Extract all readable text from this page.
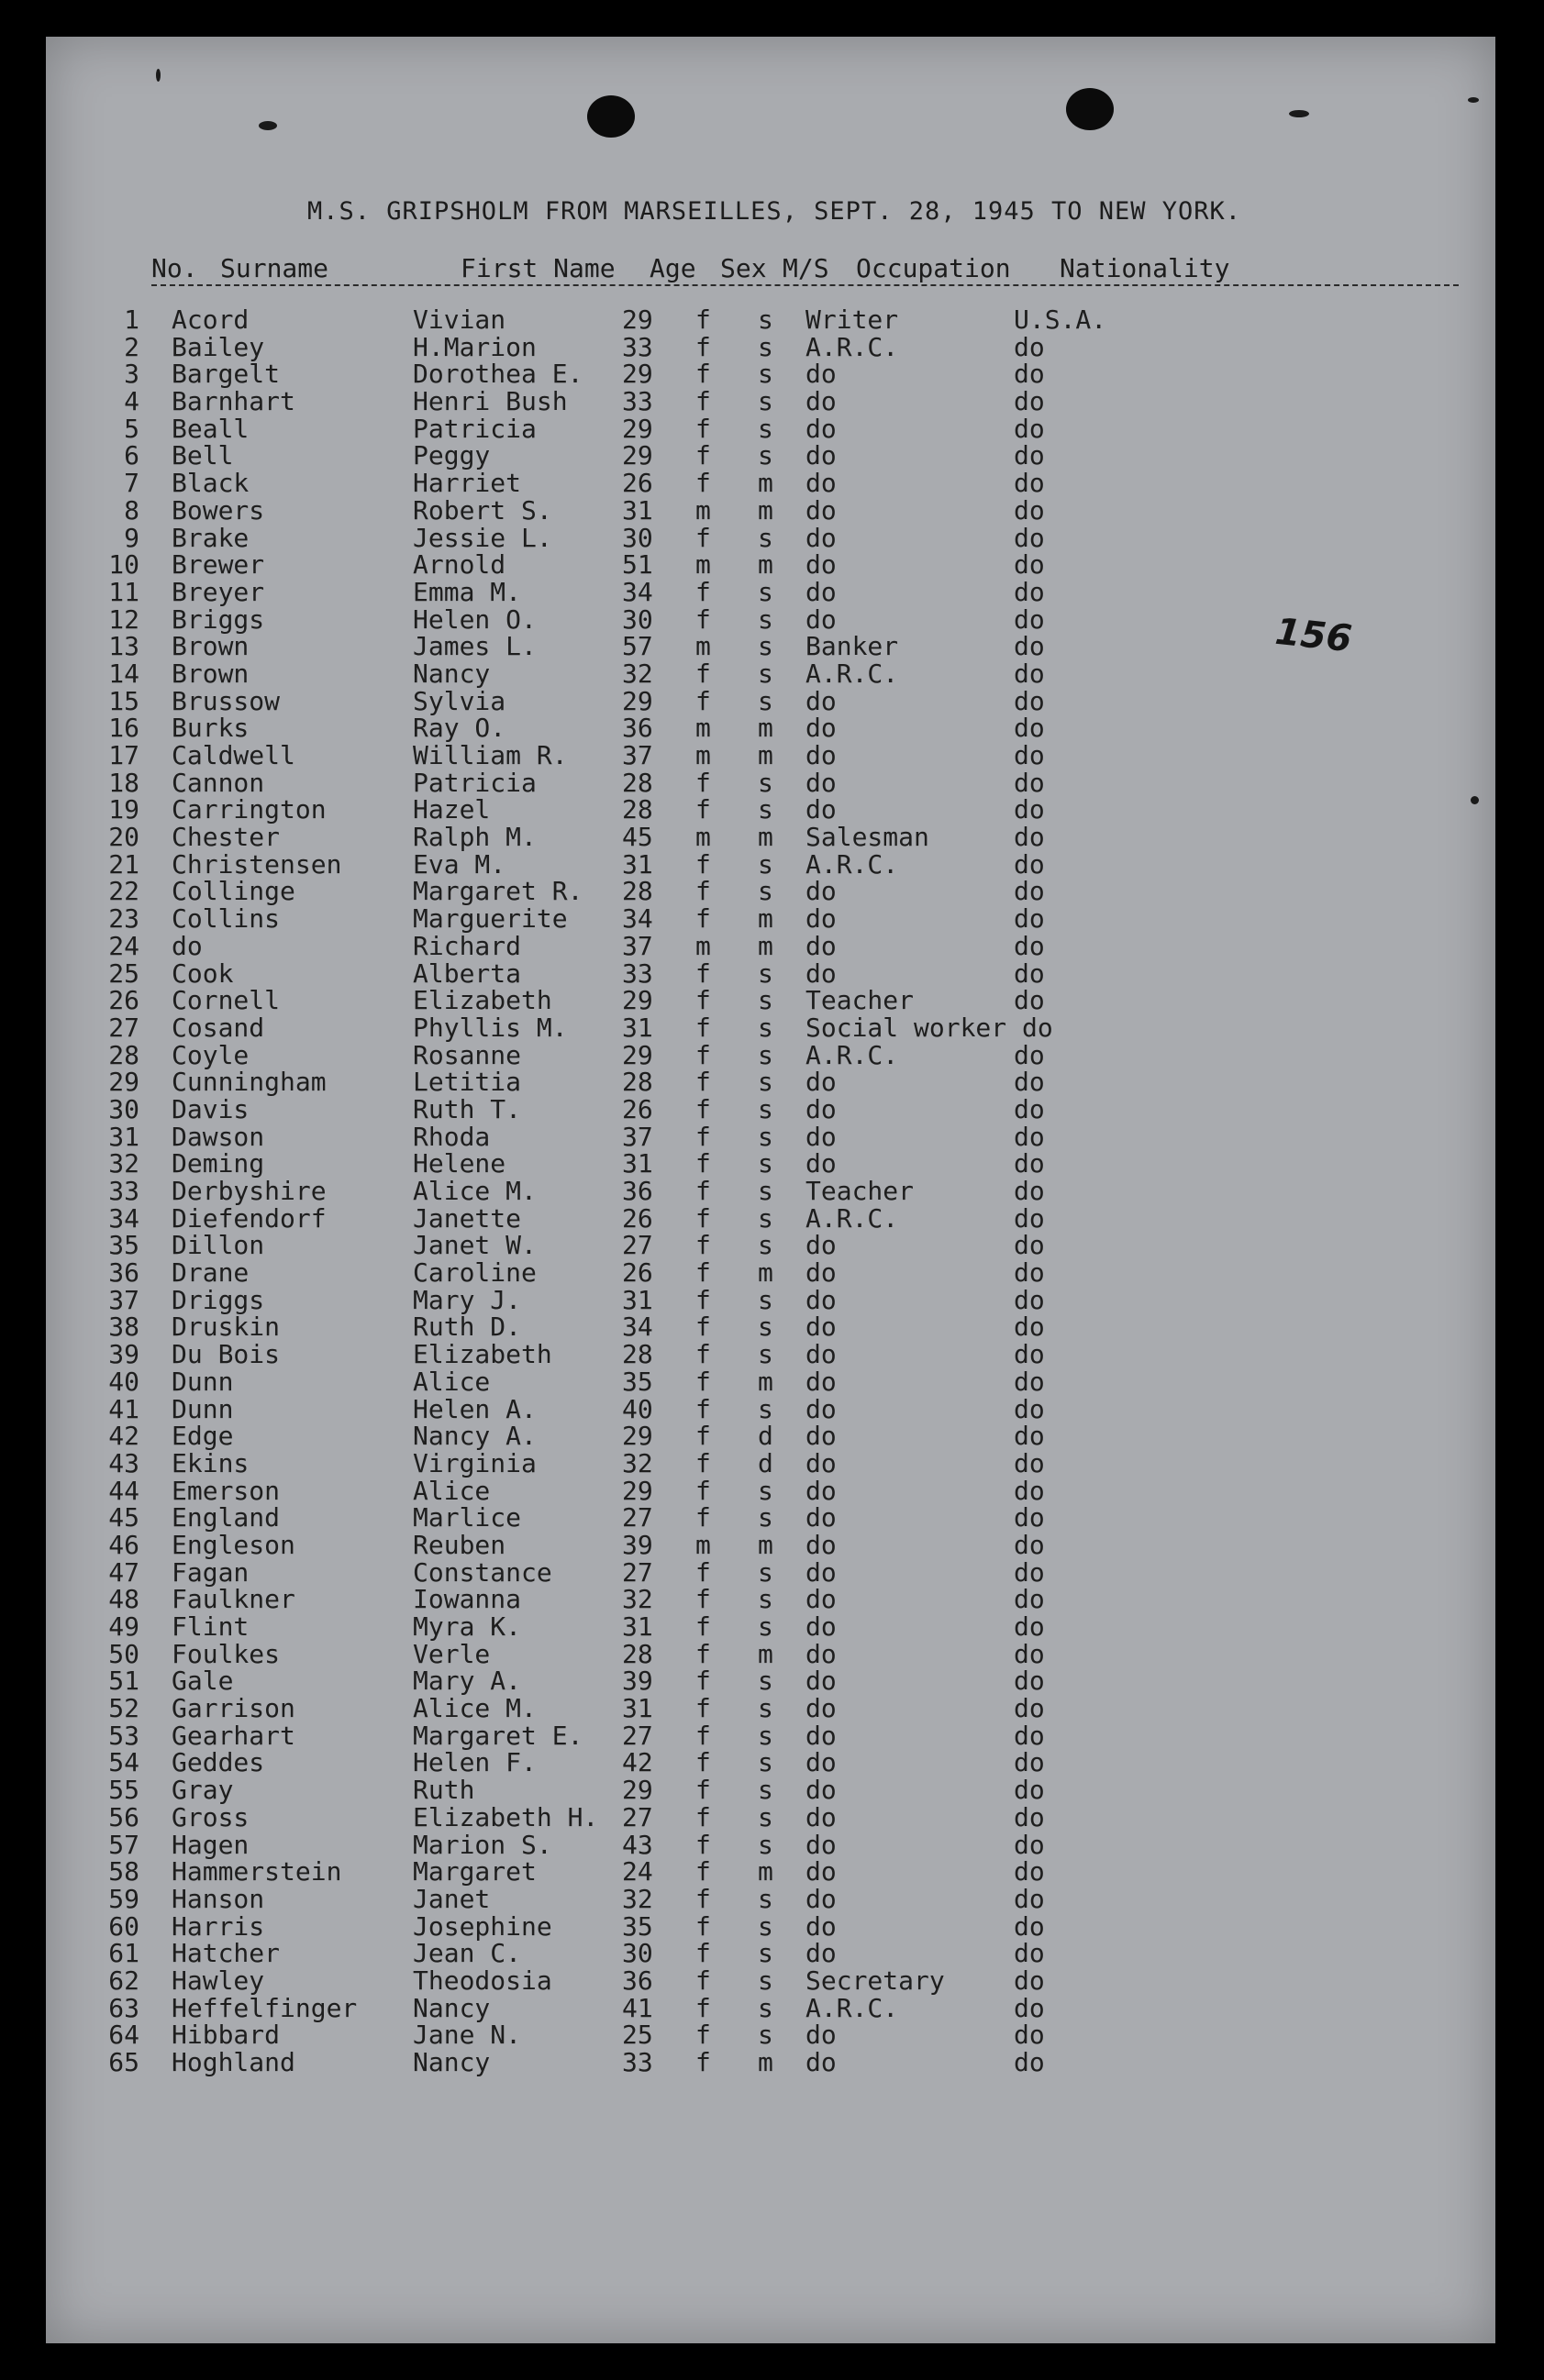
M.S. GRIPSHOLM FROM MARSEILLES, SEPT. 28, 1945 TO NEW YORK.
No. Surname	First Name Age Sex M/S Occupation Nationality
1 Acord	Vivian	29 f s Writer	U.S.A.
2 Bailey	H.Marion	33 f s A.R.C.	do
3 Bargelt	Dorothea E. 29 f s do	do
4 Barnhart	Henri Bush 33 f s do	do
5 Beall	Patricia	29 f s do	do
6 Bell	Peggy	29 f s do	do
7 Black	Harriet	26 f m do	do
8 Bowers	Robert S.	31 m m do	do
9 Brake	Jessie L.	30 f s do	do
10 Brewer	Arnold	51 m m do	do
11 Breyer	Emma M.	34 f s do	do
12 Briggs	Helen O.	30 f s do	do
13 Brown	James L.	57 m s Banker	do
14 Brown	Nancy	32 f s A.R.C.	do
15 Brussow	Sylvia	29 f s do	do
16 Burks	Ray O.	36 m m do	do
17 Caldwell	William R. 37 m m do	do
18 Cannon	Patricia	28 f s do	do
19 Carrington	Hazel	28 f s do	do
20 Chester	Ralph M.	45 m m Salesman	do
21 Christensen	Eva M.	31 f s A.R.C.	do
22 Collinge	Margaret R. 28 f s do	do
23 Collins	Marguerite 34 f m do	do
24 do	Richard	37 m m do	do
25 Cook	Alberta	33 f s do	do
26 Cornell	Elizabeth	29 f s Teacher	do
27 Cosand	Phyllis M. 31 f s Social worker do
28 Coyle	Rosanne	29 f s A.R.C.	do
29 Cunningham	Letitia	28 f s do	do
30 Davis	Ruth T.	26 f s do	do
31 Dawson	Rhoda	37 f s do	do
32 Deming	Helene	31 f s do	do
33 Derbyshire	Alice M.	36 f s Teacher	do
34 Diefendorf	Janette	26 f s A.R.C.	do
35 Dillon	Janet W.	27 f s do	do
36 Drane	Caroline	26 f m do	do
37 Driggs	Mary J.	31 f s do	do
38 Druskin	Ruth D.	34 f s do	do
39 Du Bois	Elizabeth	28 f s do	do
40 Dunn	Alice	35 f m do	do
41 Dunn	Helen A.	40 f s do	do
42 Edge	Nancy A.	29 f d do	do
43 Ekins	Virginia	32 f d do	do
44 Emerson	Alice	29 f s do	do
45 England	Marlice	27 f s do	do
46 Engleson	Reuben	39 m m do	do
47 Fagan	Constance	27 f s do	do
48 Faulkner	Iowanna	32 f s do	do
49 Flint	Myra K.	31 f s do	do
50 Foulkes	Verle	28 f m do	do
51 Gale	Mary A.	39 f s do	do
52 Garrison	Alice M.	31 f s do	do
53 Gearhart	Margaret E. 27 f s do	do
54 Geddes	Helen F.	42 f s do	do
55 Gray	Ruth	29 f s do	do
56 Gross	Elizabeth H. 27 f s do	do
57 Hagen	Marion S.	43 f s do	do
58 Hammerstein	Margaret	24 f m do	do
59 Hanson	Janet	32 f s do	do
60 Harris	Josephine	35 f s do	do
61 Hatcher	Jean C.	30 f s do	do
62 Hawley	Theodosia	36 f s Secretary	do
63 Heffelfinger Nancy	41 f s A.R.C.	do
64 Hibbard	Jane N.	25 f s do	do
65 Hoghland	Nancy	33 f m do	do
156
